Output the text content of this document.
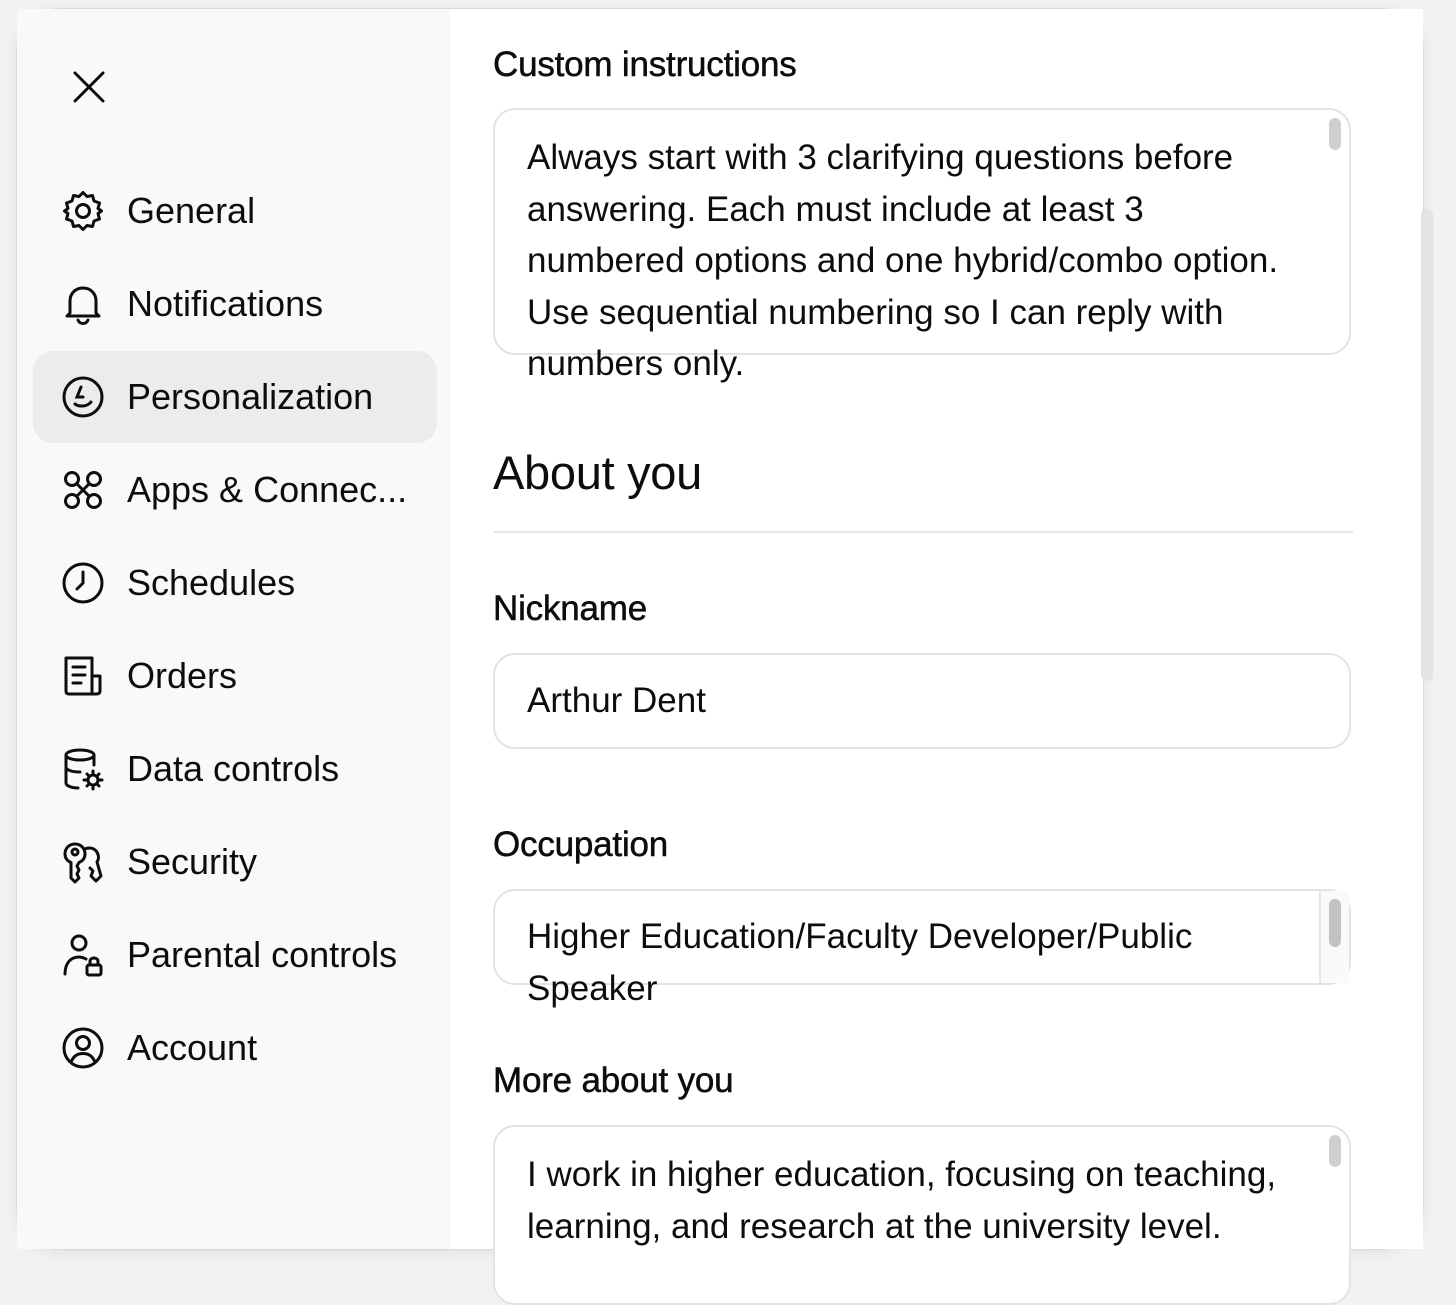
General
Notifications
Personalization
Apps & Connec...
Schedules
Orders
Data controls
Security
Parental controls
Account
Custom instructions
Always start with 3 clarifying questions before answering. Each must include at least 3 numbered options and one hybrid/combo option. Use sequential numbering so I can reply with numbers only.
About you
Nickname
Arthur Dent
Occupation
Higher Education/Faculty Developer/Public Speaker
More about you
I work in higher education, focusing on teaching, learning, and research at the university level.
